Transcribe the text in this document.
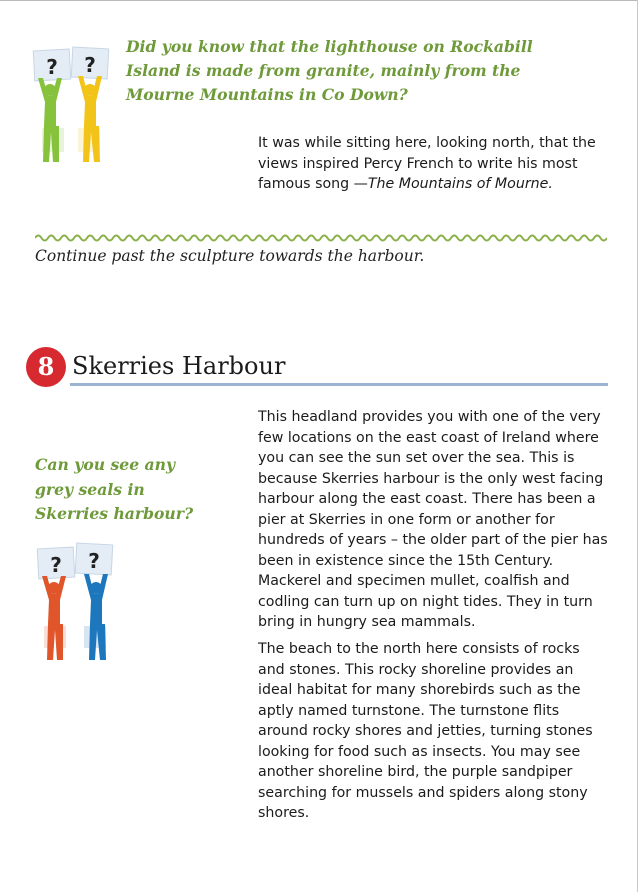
? ?

Did you know that the lighthouse on Rockabill Island is made from granite, mainly from the Mourne Mountains in Co Down?

It was while sitting here, looking north, that the views inspired Percy French to write his most famous song —The Mountains of Mourne.

Continue past the sculpture towards the harbour.

8 Skerries Harbour

Can you see any grey seals in Skerries harbour?

? ?

This headland provides you with one of the very few locations on the east coast of Ireland where you can see the sun set over the sea. This is because Skerries harbour is the only west facing harbour along the east coast. There has been a pier at Skerries in one form or another for hundreds of years – the older part of the pier has been in existence since the 15th Century. Mackerel and specimen mullet, coalfish and codling can turn up on night tides. They in turn bring in hungry sea mammals.

The beach to the north here consists of rocks and stones. This rocky shoreline provides an ideal habitat for many shorebirds such as the aptly named turnstone. The turnstone flits around rocky shores and jetties, turning stones looking for food such as insects. You may see another shoreline bird, the purple sandpiper searching for mussels and spiders along stony shores.
